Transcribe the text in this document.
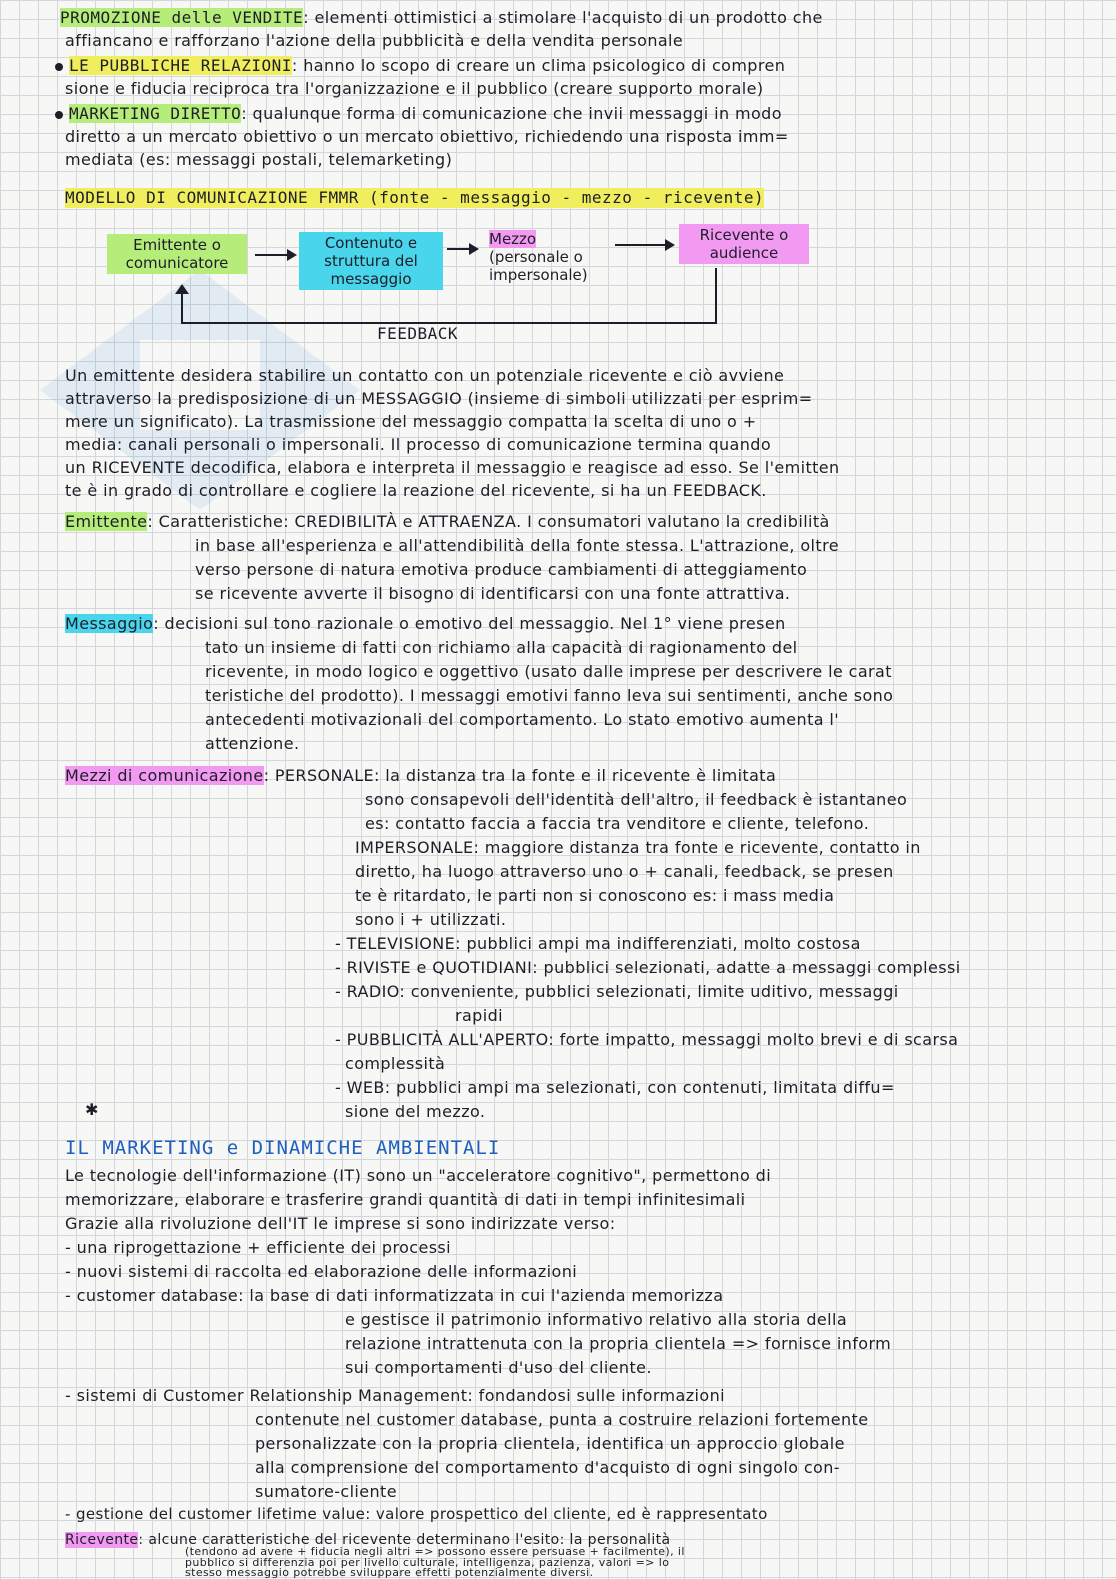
PROMOZIONE delle VENDITE: elementi ottimistici a stimolare l'acquisto di un prodotto che
affiancano e rafforzano l'azione della pubblicità e della vendita personale
LE PUBBLICHE RELAZIONI: hanno lo scopo di creare un clima psicologico di compren
sione e fiducia reciproca tra l'organizzazione e il pubblico (creare supporto morale)
MARKETING DIRETTO: qualunque forma di comunicazione che invii messaggi in modo
diretto a un mercato obiettivo o un mercato obiettivo, richiedendo una risposta imm=
mediata (es: messaggi postali, telemarketing)
MODELLO DI COMUNICAZIONE FMMR (fonte - messaggio - mezzo - ricevente)
Emittente o comunicatore
Contenuto e struttura del messaggio
Mezzo
(personale o impersonale)
Ricevente o audience
FEEDBACK
Un emittente desidera stabilire un contatto con un potenziale ricevente e ciò avviene
attraverso la predisposizione di un MESSAGGIO (insieme di simboli utilizzati per esprim=
mere un significato). La trasmissione del messaggio compatta la scelta di uno o +
media: canali personali o impersonali. Il processo di comunicazione termina quando
un RICEVENTE decodifica, elabora e interpreta il messaggio e reagisce ad esso. Se l'emitten
te è in grado di controllare e cogliere la reazione del ricevente, si ha un FEEDBACK.
Emittente: Caratteristiche: CREDIBILITÀ e ATTRAENZA. I consumatori valutano la credibilità
in base all'esperienza e all'attendibilità della fonte stessa. L'attrazione, oltre
verso persone di natura emotiva produce cambiamenti di atteggiamento
se ricevente avverte il bisogno di identificarsi con una fonte attrattiva.
Messaggio: decisioni sul tono razionale o emotivo del messaggio. Nel 1° viene presen
tato un insieme di fatti con richiamo alla capacità di ragionamento del
ricevente, in modo logico e oggettivo (usato dalle imprese per descrivere le carat
teristiche del prodotto). I messaggi emotivi fanno leva sui sentimenti, anche sono
antecedenti motivazionali del comportamento. Lo stato emotivo aumenta l'
attenzione.
Mezzi di comunicazione: PERSONALE: la distanza tra la fonte e il ricevente è limitata
sono consapevoli dell'identità dell'altro, il feedback è istantaneo
es: contatto faccia a faccia tra venditore e cliente, telefono.
IMPERSONALE: maggiore distanza tra fonte e ricevente, contatto in
diretto, ha luogo attraverso uno o + canali, feedback, se presen
te è ritardato, le parti non si conoscono es: i mass media
sono i + utilizzati.
- TELEVISIONE: pubblici ampi ma indifferenziati, molto costosa
- RIVISTE e QUOTIDIANI: pubblici selezionati, adatte a messaggi complessi
- RADIO: conveniente, pubblici selezionati, limite uditivo, messaggi
rapidi
- PUBBLICITÀ ALL'APERTO: forte impatto, messaggi molto brevi e di scarsa
complessità
- WEB: pubblici ampi ma selezionati, con contenuti, limitata diffu=
sione del mezzo.
✱
IL MARKETING e DINAMICHE AMBIENTALI
Le tecnologie dell'informazione (IT) sono un "acceleratore cognitivo", permettono di
memorizzare, elaborare e trasferire grandi quantità di dati in tempi infinitesimali
Grazie alla rivoluzione dell'IT le imprese si sono indirizzate verso:
- una riprogettazione + efficiente dei processi
- nuovi sistemi di raccolta ed elaborazione delle informazioni
- customer database: la base di dati informatizzata in cui l'azienda memorizza
e gestisce il patrimonio informativo relativo alla storia della
relazione intrattenuta con la propria clientela => fornisce inform
sui comportamenti d'uso del cliente.
- sistemi di Customer Relationship Management: fondandosi sulle informazioni
contenute nel customer database, punta a costruire relazioni fortemente
personalizzate con la propria clientela, identifica un approccio globale
alla comprensione del comportamento d'acquisto di ogni singolo con-
sumatore-cliente
- gestione del customer lifetime value: valore prospettico del cliente, ed è rappresentato
Ricevente: alcune caratteristiche del ricevente determinano l'esito: la personalità
(tendono ad avere + fiducia negli altri => possono essere persuase + facilmente), il
pubblico si differenzia poi per livello culturale, intelligenza, pazienza, valori => lo
stesso messaggio potrebbe sviluppare effetti potenzialmente diversi.
